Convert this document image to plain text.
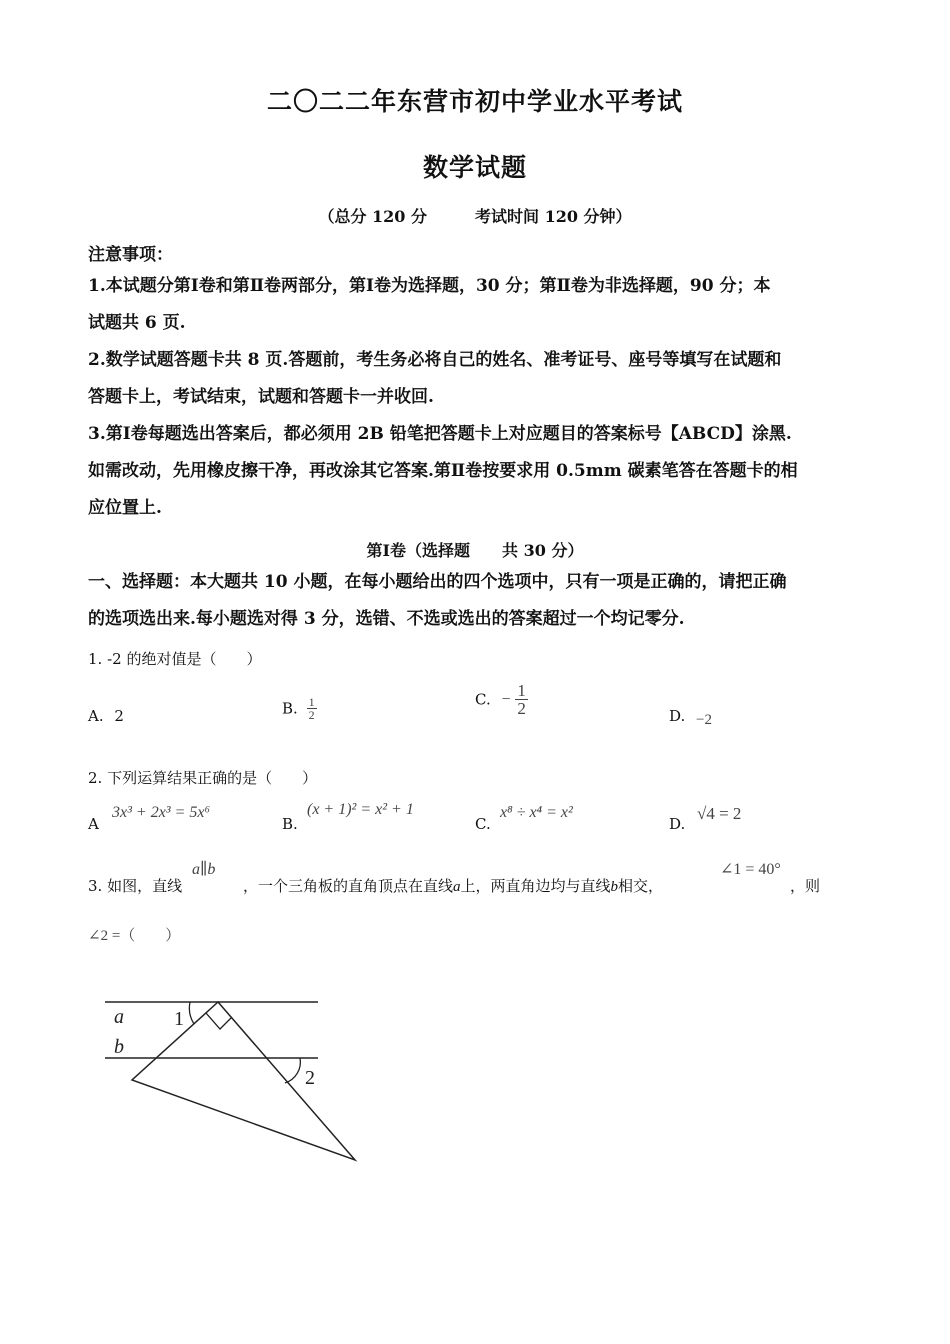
二〇二二年东营市初中学业水平考试
数学试题
（总分 120 分　　　考试时间 120 分钟）
注意事项：
1.本试题分第Ⅰ卷和第Ⅱ卷两部分，第Ⅰ卷为选择题，30 分；第Ⅱ卷为非选择题，90 分；本
试题共 6 页.
2.数学试题答题卡共 8 页.答题前，考生务必将自己的姓名、准考证号、座号等填写在试题和
答题卡上，考试结束，试题和答题卡一并收回.
3.第Ⅰ卷每题选出答案后，都必须用 2B 铅笔把答题卡上对应题目的答案标号【ABCD】涂黑.
如需改动，先用橡皮擦干净，再改涂其它答案.第Ⅱ卷按要求用 0.5mm 碳素笔答在答题卡的相
应位置上.
第Ⅰ卷（选择题　　共 30 分）
一、选择题：本大题共 10 小题，在每小题给出的四个选项中，只有一项是正确的，请把正确
的选项选出来.每小题选对得 3 分，选错、不选或选出的答案超过一个均记零分.
1. -2 的绝对值是（　　）
A. 2	B. $\frac{1}{2}$	C. − $\frac{1}{2}$	D. −2
2. 下列运算结果正确的是（　　）
A
3x³ + 2x³ = 5x⁶
B.
(x + 1)² = x² + 1
C.
x⁸ ÷ x⁴ = x²
D.
√4 = 2
3. 如图，直线
a∥b
，一个三角板的直角顶点在直线a上，两直角边均与直线b相交，
∠1 = 40°
，则
∠2 =（　　）
a
b
1
2
